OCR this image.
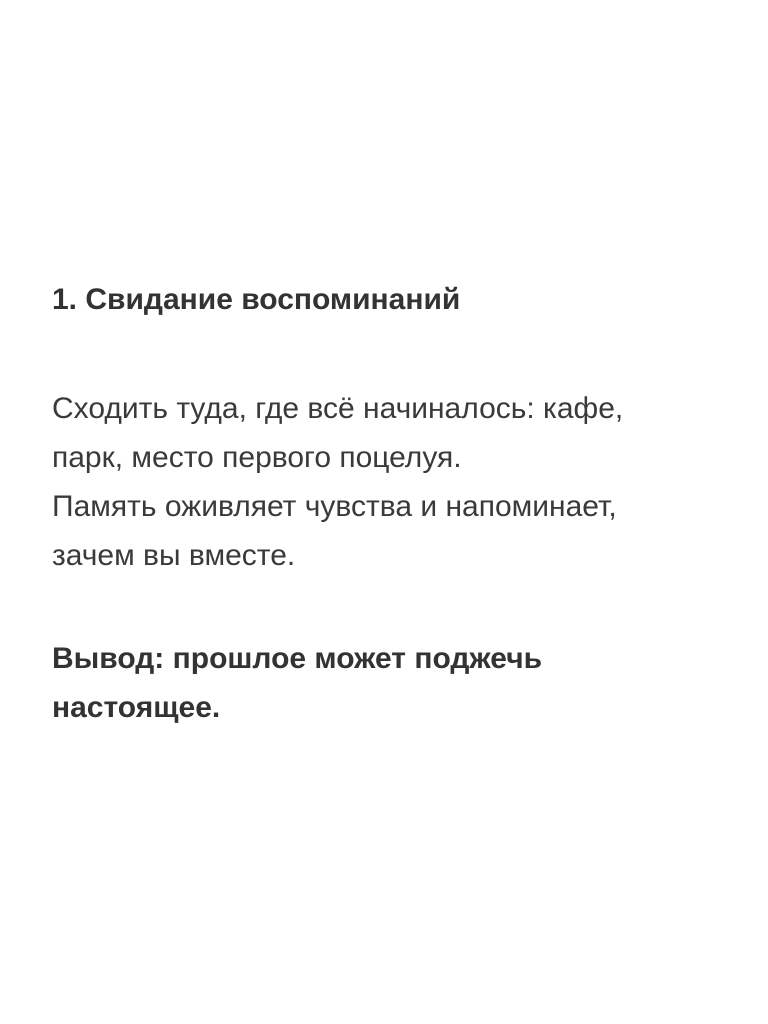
1. Свидание воспоминаний

Сходить туда, где всё начиналось: кафе,
парк, место первого поцелуя.
Память оживляет чувства и напоминает,
зачем вы вместе.

Вывод: прошлое может поджечь
настоящее.
